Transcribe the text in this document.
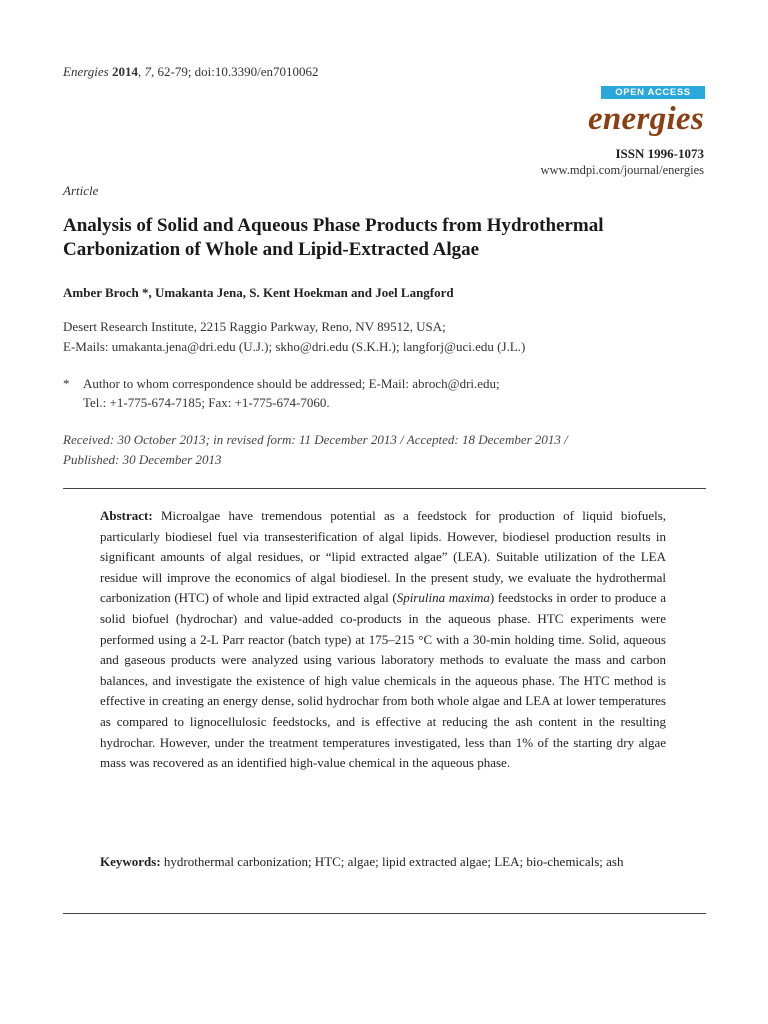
Energies 2014, 7, 62-79; doi:10.3390/en7010062
OPEN ACCESS
energies
ISSN 1996-1073
www.mdpi.com/journal/energies
Article
Analysis of Solid and Aqueous Phase Products from Hydrothermal Carbonization of Whole and Lipid-Extracted Algae
Amber Broch *, Umakanta Jena, S. Kent Hoekman and Joel Langford
Desert Research Institute, 2215 Raggio Parkway, Reno, NV 89512, USA;
E-Mails: umakanta.jena@dri.edu (U.J.); skho@dri.edu (S.K.H.); langforj@uci.edu (J.L.)
* Author to whom correspondence should be addressed; E-Mail: abroch@dri.edu;
Tel.: +1-775-674-7185; Fax: +1-775-674-7060.
Received: 30 October 2013; in revised form: 11 December 2013 / Accepted: 18 December 2013 /
Published: 30 December 2013
Abstract: Microalgae have tremendous potential as a feedstock for production of liquid biofuels, particularly biodiesel fuel via transesterification of algal lipids. However, biodiesel production results in significant amounts of algal residues, or “lipid extracted algae” (LEA). Suitable utilization of the LEA residue will improve the economics of algal biodiesel. In the present study, we evaluate the hydrothermal carbonization (HTC) of whole and lipid extracted algal (Spirulina maxima) feedstocks in order to produce a solid biofuel (hydrochar) and value-added co-products in the aqueous phase. HTC experiments were performed using a 2-L Parr reactor (batch type) at 175–215 °C with a 30-min holding time. Solid, aqueous and gaseous products were analyzed using various laboratory methods to evaluate the mass and carbon balances, and investigate the existence of high value chemicals in the aqueous phase. The HTC method is effective in creating an energy dense, solid hydrochar from both whole algae and LEA at lower temperatures as compared to lignocellulosic feedstocks, and is effective at reducing the ash content in the resulting hydrochar. However, under the treatment temperatures investigated, less than 1% of the starting dry algae mass was recovered as an identified high-value chemical in the aqueous phase.
Keywords: hydrothermal carbonization; HTC; algae; lipid extracted algae; LEA; bio-chemicals; ash
